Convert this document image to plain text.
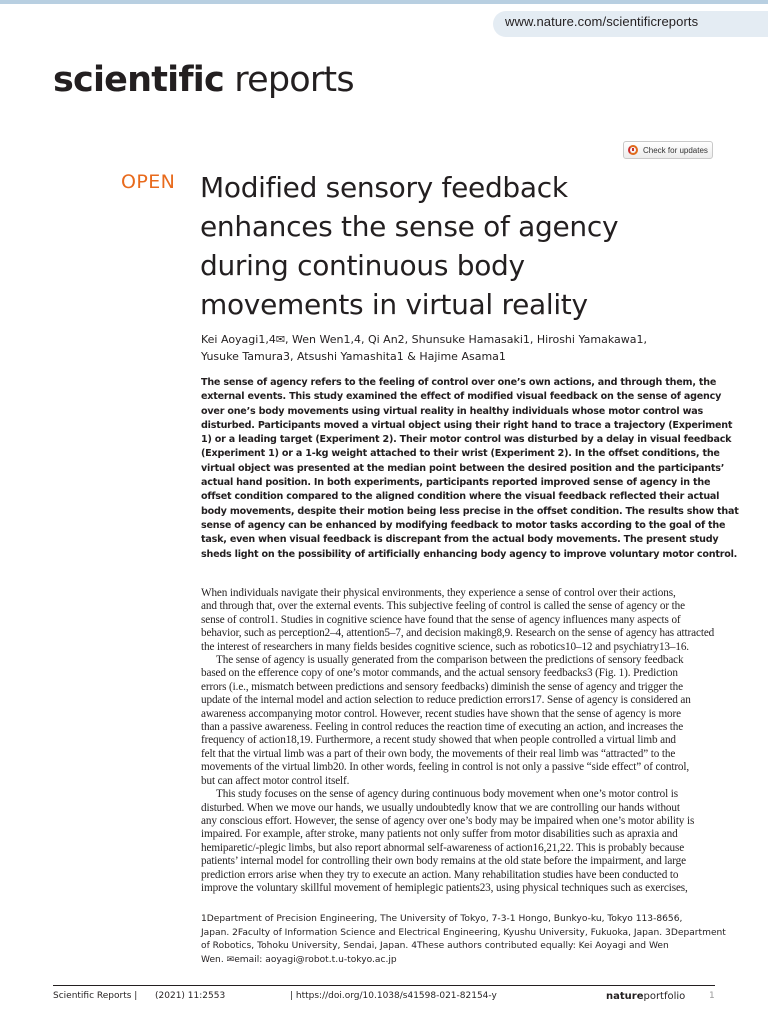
www.nature.com/scientificreports
scientific reports
Check for updates
OPEN Modified sensory feedback
enhances the sense of agency
during continuous body
movements in virtual reality
Kei Aoyagi1,4✉, Wen Wen1,4, Qi An2, Shunsuke Hamasaki1, Hiroshi Yamakawa1,
Yusuke Tamura3, Atsushi Yamashita1 & Hajime Asama1
The sense of agency refers to the feeling of control over one’s own actions, and through them, the
external events. This study examined the effect of modified visual feedback on the sense of agency
over one’s body movements using virtual reality in healthy individuals whose motor control was
disturbed. Participants moved a virtual object using their right hand to trace a trajectory (Experiment
1) or a leading target (Experiment 2). Their motor control was disturbed by a delay in visual feedback
(Experiment 1) or a 1-kg weight attached to their wrist (Experiment 2). In the offset conditions, the
virtual object was presented at the median point between the desired position and the participants’
actual hand position. In both experiments, participants reported improved sense of agency in the
offset condition compared to the aligned condition where the visual feedback reflected their actual
body movements, despite their motion being less precise in the offset condition. The results show that
sense of agency can be enhanced by modifying feedback to motor tasks according to the goal of the
task, even when visual feedback is discrepant from the actual body movements. The present study
sheds light on the possibility of artificially enhancing body agency to improve voluntary motor control.
When individuals navigate their physical environments, they experience a sense of control over their actions,
and through that, over the external events. This subjective feeling of control is called the sense of agency or the
sense of control1. Studies in cognitive science have found that the sense of agency influences many aspects of
behavior, such as perception2–4, attention5–7, and decision making8,9. Research on the sense of agency has attracted
the interest of researchers in many fields besides cognitive science, such as robotics10–12 and psychiatry13–16.
The sense of agency is usually generated from the comparison between the predictions of sensory feedback
based on the efference copy of one’s motor commands, and the actual sensory feedbacks3 (Fig. 1). Prediction
errors (i.e., mismatch between predictions and sensory feedbacks) diminish the sense of agency and trigger the
update of the internal model and action selection to reduce prediction errors17. Sense of agency is considered an
awareness accompanying motor control. However, recent studies have shown that the sense of agency is more
than a passive awareness. Feeling in control reduces the reaction time of executing an action, and increases the
frequency of action18,19. Furthermore, a recent study showed that when people controlled a virtual limb and
felt that the virtual limb was a part of their own body, the movements of their real limb was “attracted” to the
movements of the virtual limb20. In other words, feeling in control is not only a passive “side effect” of control,
but can affect motor control itself.
This study focuses on the sense of agency during continuous body movement when one’s motor control is
disturbed. When we move our hands, we usually undoubtedly know that we are controlling our hands without
any conscious effort. However, the sense of agency over one’s body may be impaired when one’s motor ability is
impaired. For example, after stroke, many patients not only suffer from motor disabilities such as apraxia and
hemiparetic/-plegic limbs, but also report abnormal self-awareness of action16,21,22. This is probably because
patients’ internal model for controlling their own body remains at the old state before the impairment, and large
prediction errors arise when they try to execute an action. Many rehabilitation studies have been conducted to
improve the voluntary skillful movement of hemiplegic patients23, using physical techniques such as exercises,
1Department of Precision Engineering, The University of Tokyo, 7-3-1 Hongo, Bunkyo-ku, Tokyo 113-8656,
Japan. 2Faculty of Information Science and Electrical Engineering, Kyushu University, Fukuoka, Japan. 3Department
of Robotics, Tohoku University, Sendai, Japan. 4These authors contributed equally: Kei Aoyagi and Wen
Wen. ✉email: aoyagi@robot.t.u-tokyo.ac.jp
Scientific Reports | (2021) 11:2553	| https://doi.org/10.1038/s41598-021-82154-y	natureportfolio	1
